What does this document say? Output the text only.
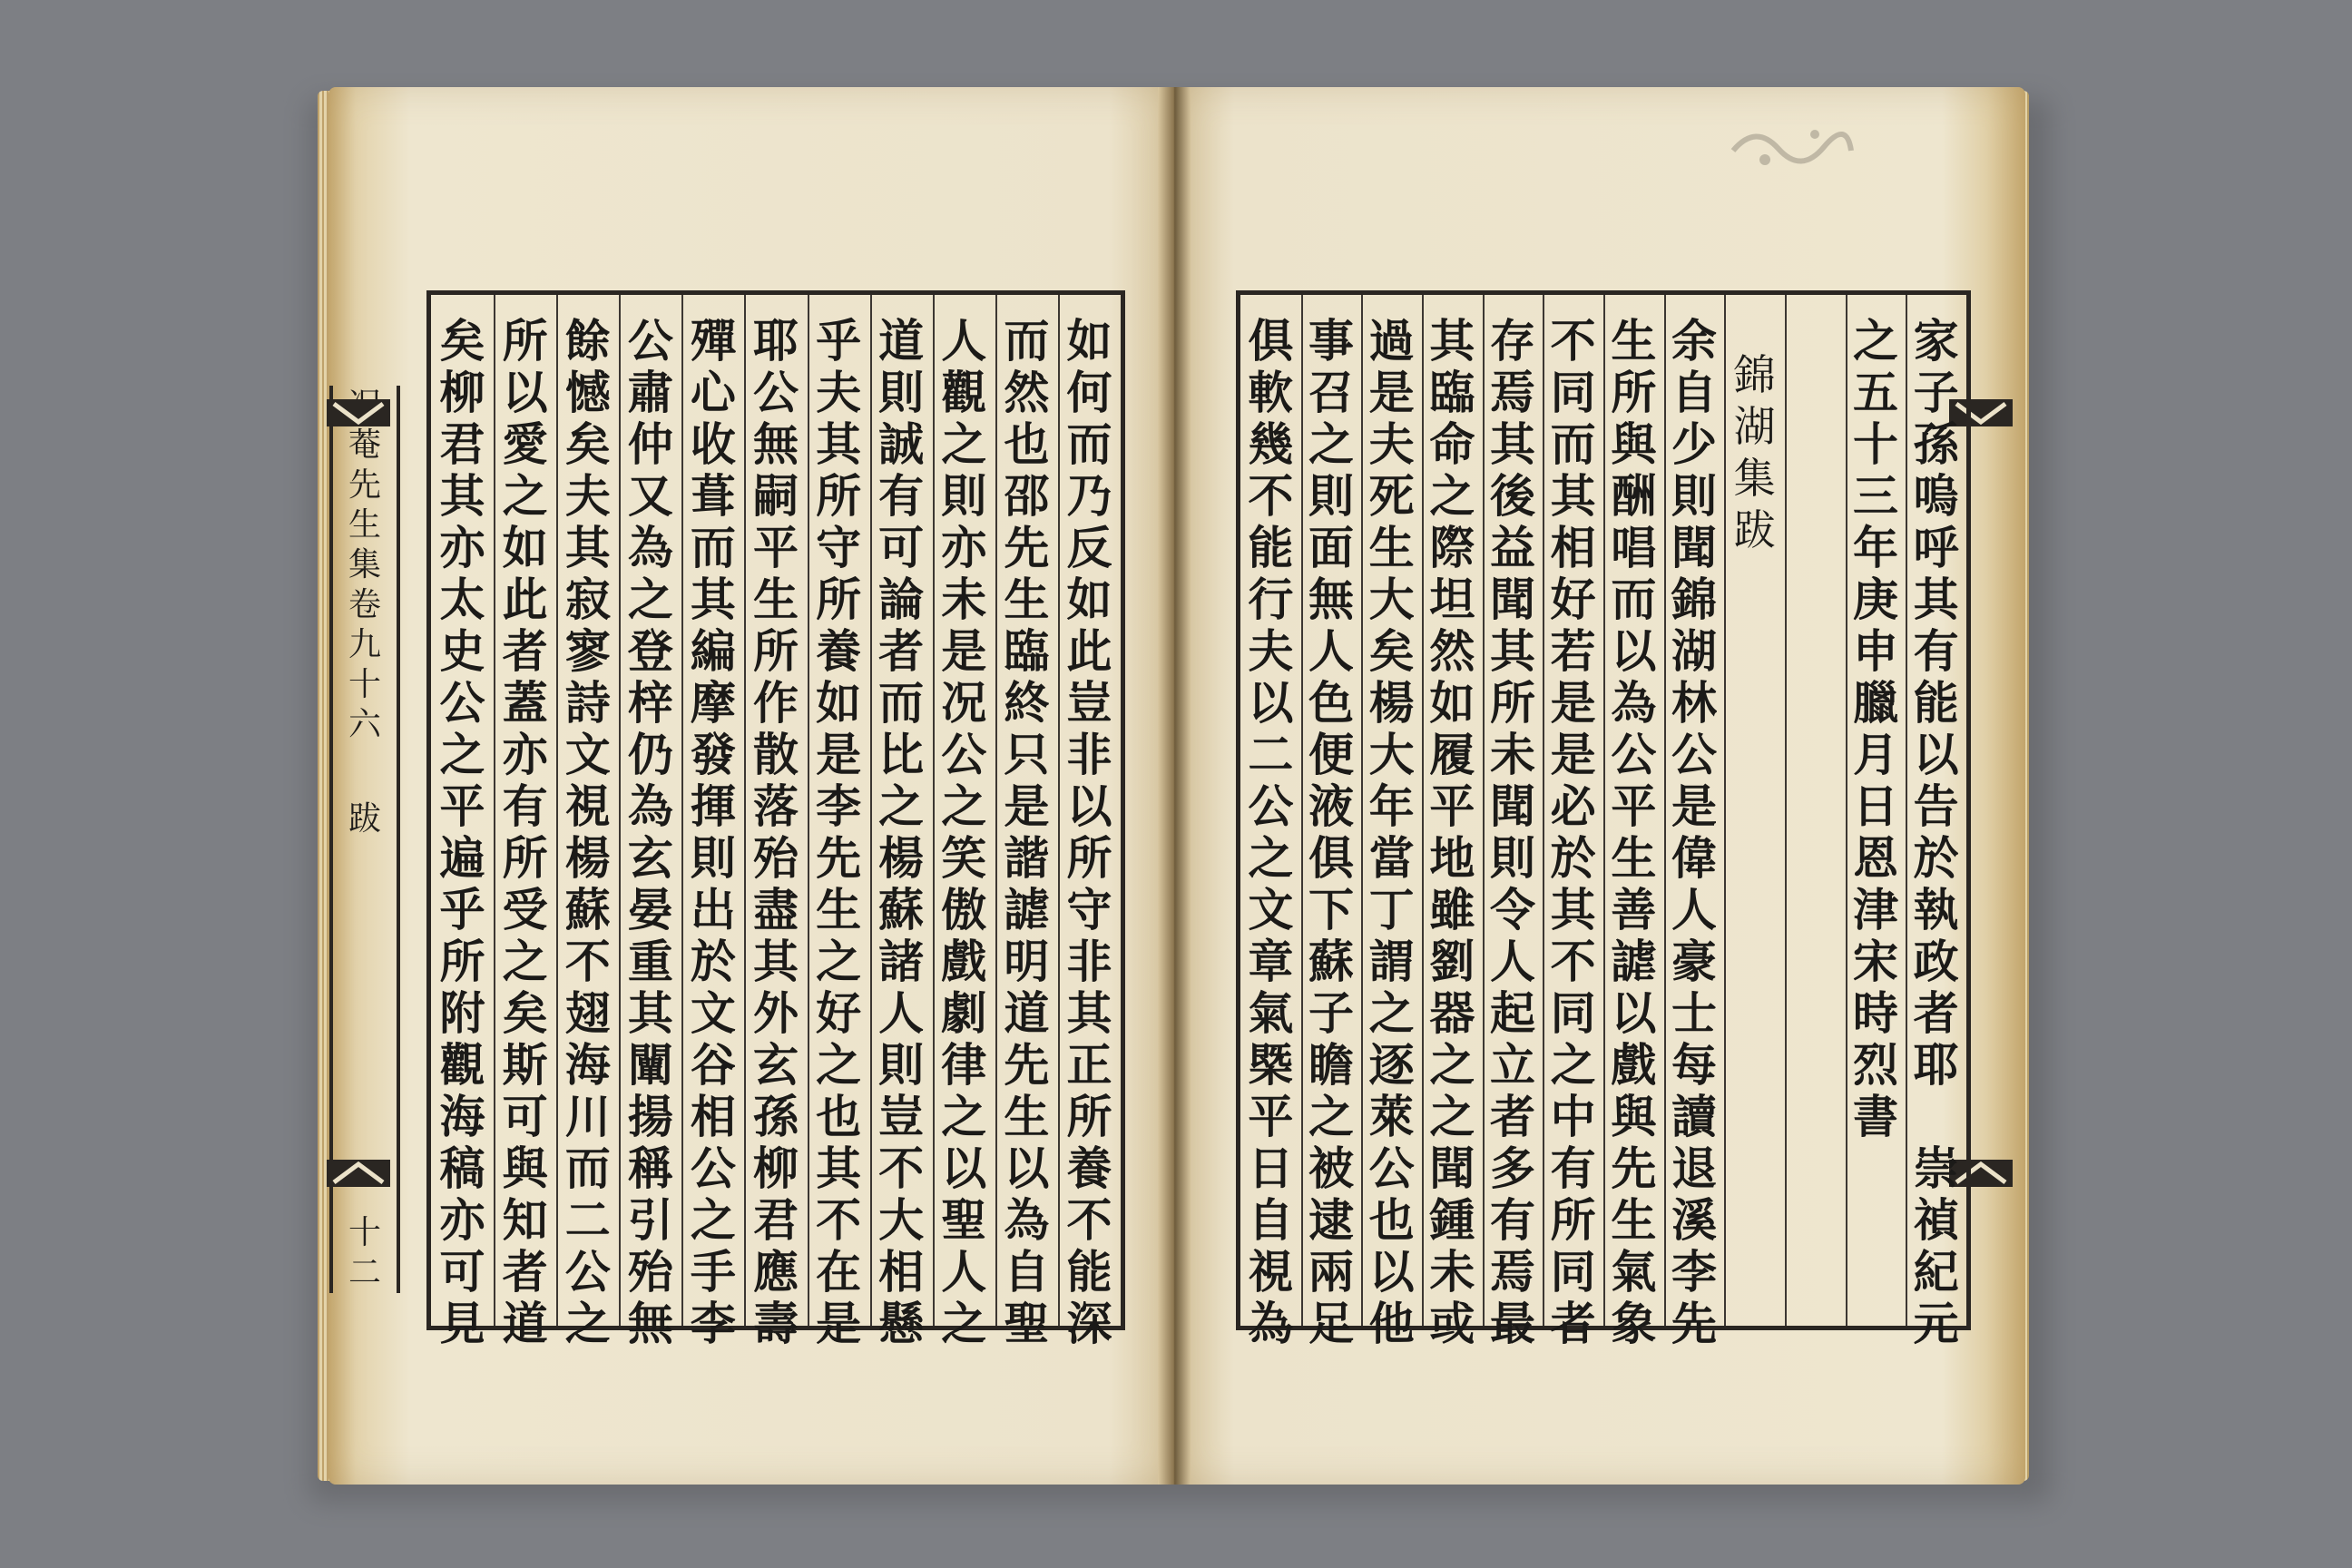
菴
先
生
集
卷
九
十
六
跋
十
二
如
何
而
乃
反
如
此
豈
非
以
所
守
非
其
正
所
養
不
能
深
而
然
也
邵
先
生
臨
終
只
是
諧
謔
明
道
先
生
以
為
自
聖
人
觀
之
則
亦
未
是
况
公
之
笑
傲
戲
劇
律
之
以
聖
人
之
道
則
誠
有
可
論
者
而
比
之
楊
蘇
諸
人
則
豈
不
大
相
懸
乎
夫
其
所
守
所
養
如
是
李
先
生
之
好
之
也
其
不
在
是
耶
公
無
嗣
平
生
所
作
散
落
殆
盡
其
外
玄
孫
柳
君
應
壽
殫
心
收
葺
而
其
編
摩
發
揮
則
出
於
文
谷
相
公
之
手
李
公
肅
仲
又
為
之
登
梓
仍
為
玄
晏
重
其
闡
揚
稱
引
殆
無
餘
憾
矣
夫
其
寂
寥
詩
文
視
楊
蘇
不
翅
海
川
而
二
公
之
所
以
愛
之
如
此
者
蓋
亦
有
所
受
之
矣
斯
可
與
知
者
道
矣
柳
君
其
亦
太
史
公
之
平
遍
乎
所
附
觀
海
稿
亦
可
見
家
子
孫
嗚
呼
其
有
能
以
告
於
執
政
者
耶

崇
禎
紀
元
之
五
十
三
年
庚
申
臘
月
日
恩
津
宋
時
烈
書
錦
湖
集
跋
余
自
少
則
聞
錦
湖
林
公
是
偉
人
豪
士
每
讀
退
溪
李
先
生
所
與
酬
唱
而
以
為
公
平
生
善
謔
以
戲
與
先
生
氣
象
不
同
而
其
相
好
若
是
是
必
於
其
不
同
之
中
有
所
同
者
存
焉
其
後
益
聞
其
所
未
聞
則
令
人
起
立
者
多
有
焉
最
其
臨
命
之
際
坦
然
如
履
平
地
雖
劉
器
之
之
聞
鍾
未
或
過
是
夫
死
生
大
矣
楊
大
年
當
丁
謂
之
逐
萊
公
也
以
他
事
召
之
則
面
無
人
色
便
液
俱
下
蘇
子
瞻
之
被
逮
兩
足
俱
軟
幾
不
能
行
夫
以
二
公
之
文
章
氣
槩
平
日
自
視
為
